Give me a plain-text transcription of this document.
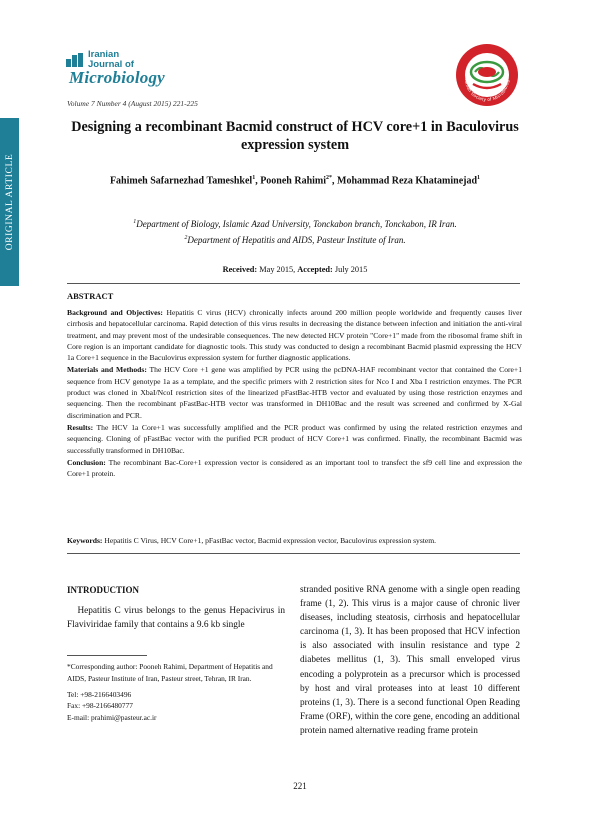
ORIGINAL ARTICLE
Iranian
Journal of
Microbiology
Volume 7 Number 4 (August 2015) 221-225
ranian Society of Microbiolog
Designing a recombinant Bacmid construct of HCV core+1 in Baculovirus
expression system
Fahimeh Safarnezhad Tameshkel$^1$, Pooneh Rahimi$^{2*}$, Mohammad Reza Khataminejad$^1$
$^1$Department of Biology, Islamic Azad University, Tonckabon branch, Tonckabon, IR Iran.
$^2$Department of Hepatitis and AIDS, Pasteur Institute of Iran.
Received: May 2015, Accepted: July 2015
ABSTRACT

Background and Objectives: Hepatitis C virus (HCV) chronically infects around 200 million people worldwide and frequently causes liver cirrhosis and hepatocellular carcinoma. Rapid detection of this virus results in decreasing the distance between infection and initiation the anti-viral treatment, and may prevent most of the undesirable consequences. The new detected HCV protein "Core+1" made from the ribosomal frame shift in Core region is an important candidate for diagnostic tools. This study was conducted to design a recombinant Bacmid plasmid expressing the HCV 1a Core+1 sequence in the Baculovirus expression system for further diagnostic applications.

Materials and Methods: The HCV Core +1 gene was amplified by PCR using the pcDNA-HAF recombinant vector that contained the Core+1 sequence from HCV genotype 1a as a template, and the specific primers with 2 restriction sites for Nco I and Xba I restriction enzymes. The PCR product was cloned in XbaI/NcoI restriction sites of the linearized pFastBac-HTB vector and evaluated by using those restriction enzymes and sequencing. Then the recombinant pFastBac-HTB vector was transformed in DH10Bac and the result was screened and confirmed by X-Gal discrimination and PCR.

Results: The HCV 1a Core+1 was successfully amplified and the PCR product was confirmed by using the related restriction enzymes and sequencing. Cloning of pFastBac vector with the purified PCR product of HCV Core+1 was confirmed. Finally, the recombinant Bacmid was successfully transformed in DH10Bac.

Conclusion: The recombinant Bac-Core+1 expression vector is considered as an important tool to transfect the sf9 cell line and expression the Core+1 protein.

Keywords: Hepatitis C Virus, HCV Core+1, pFastBac vector, Bacmid expression vector, Baculovirus expression system.
INTRODUCTION
Hepatitis C virus belongs to the genus Hepacivirus in Flaviviridae family that contains a 9.6 kb single
*Corresponding author: Pooneh Rahimi, Department of Hepatitis and AIDS, Pasteur Institute of Iran, Pasteur street, Tehran, IR Iran.
Tel: +98-2166403496
Fax: +98-2166480777
E-mail: prahimi@pasteur.ac.ir
stranded positive RNA genome with a single open reading frame (1, 2). This virus is a major cause of chronic liver diseases, including steatosis, cirrhosis and hepatocellular carcinoma (1, 3). It has been proposed that HCV infection is also associated with insulin resistance and type 2 diabetes mellitus (1, 3). This small enveloped virus encoding a polyprotein as a precursor which is processed by host and viral proteases into at least 10 different proteins (1, 3). There is a second functional Open Reading Frame (ORF), within the core gene, encoding an additional protein named alternative reading frame protein
221
